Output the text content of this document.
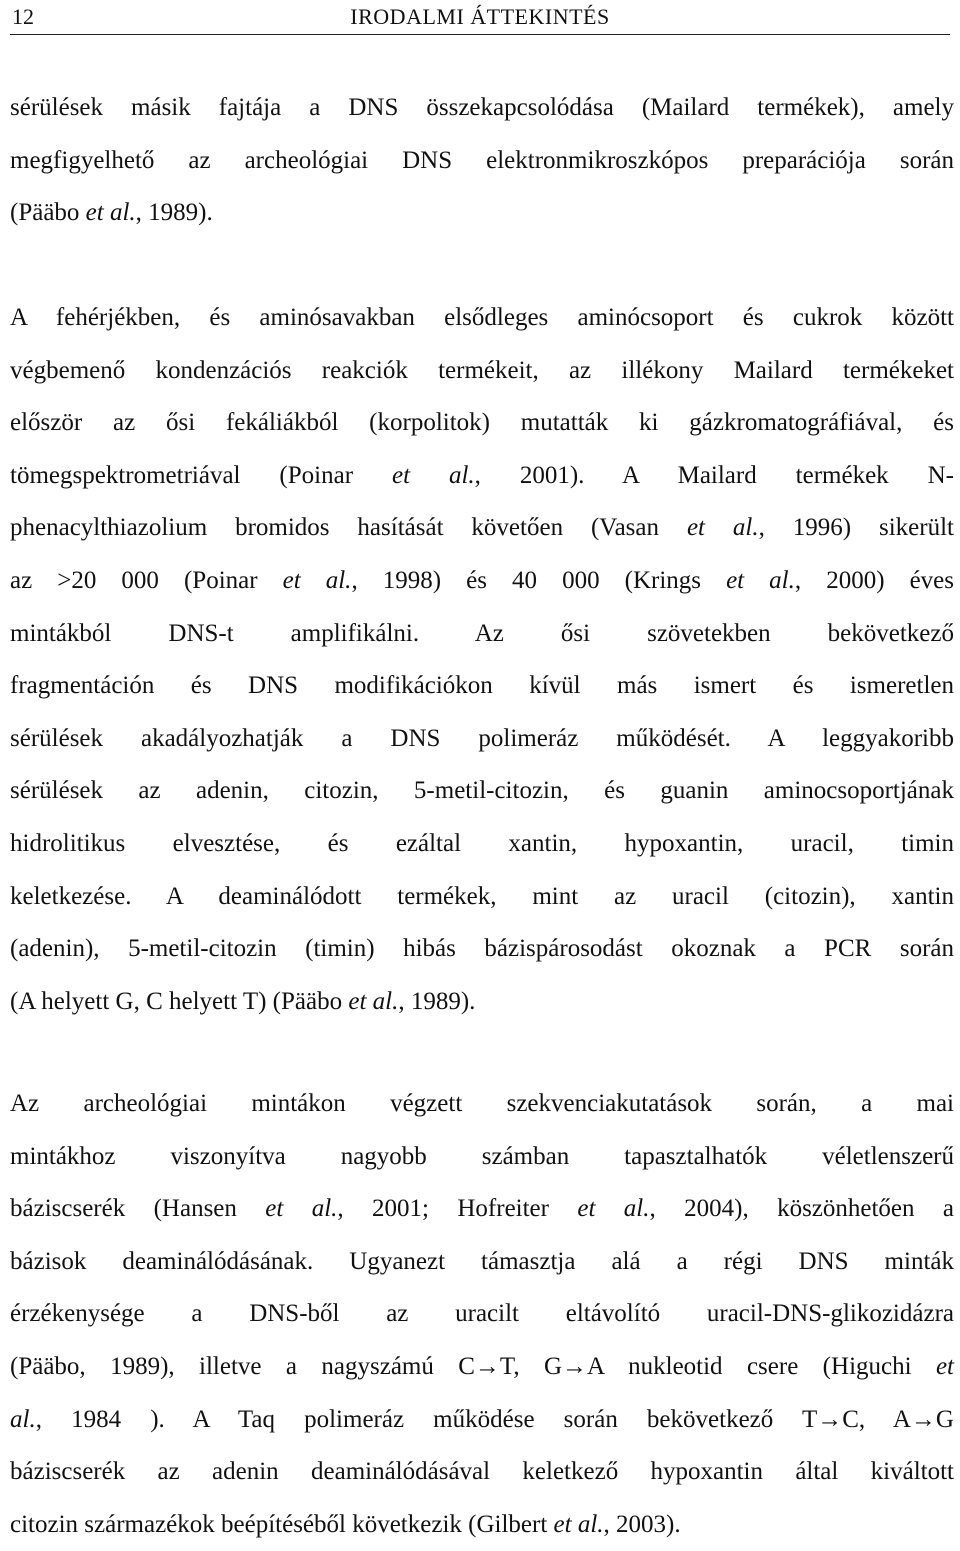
12	IRODALMI ÁTTEKINTÉS

sérülések másik fajtája a DNS összekapcsolódása (Mailard termékek), amely
megfigyelhető az archeológiai DNS elektronmikroszkópos preparációja során
(Pääbo et al., 1989).

A fehérjékben, és aminósavakban elsődleges aminócsoport és cukrok között
végbemenő kondenzációs reakciók termékeit, az illékony Mailard termékeket
először az ősi fekáliákból (korpolitok) mutatták ki gázkromatográfiával, és
tömegspektrometriával (Poinar et al., 2001). A Mailard termékek N-
phenacylthiazolium bromidos hasítását követően (Vasan et al., 1996) sikerült
az >20 000 (Poinar et al., 1998) és 40 000 (Krings et al., 2000) éves
mintákból DNS-t amplifikálni. Az ősi szövetekben bekövetkező
fragmentáción és DNS modifikációkon kívül más ismert és ismeretlen
sérülések akadályozhatják a DNS polimeráz működését. A leggyakoribb
sérülések az adenin, citozin, 5-metil-citozin, és guanin aminocsoportjának
hidrolitikus elvesztése, és ezáltal xantin, hypoxantin, uracil, timin
keletkezése. A deaminálódott termékek, mint az uracil (citozin), xantin
(adenin), 5-metil-citozin (timin) hibás bázispárosodást okoznak a PCR során
(A helyett G, C helyett T) (Pääbo et al., 1989).

Az archeológiai mintákon végzett szekvenciakutatások során, a mai
mintákhoz viszonyítva nagyobb számban tapasztalhatók véletlenszerű
báziscserék (Hansen et al., 2001; Hofreiter et al., 2004), köszönhetően a
bázisok deaminálódásának. Ugyanezt támasztja alá a régi DNS minták
érzékenysége a DNS-ből az uracilt eltávolító uracil-DNS-glikozidázra
(Pääbo, 1989), illetve a nagyszámú C→T, G→A nukleotid csere (Higuchi et
al., 1984 ). A Taq polimeráz működése során bekövetkező T→C, A→G
báziscserék az adenin deaminálódásával keletkező hypoxantin által kiváltott
citozin származékok beépítéséből következik (Gilbert et al., 2003).
